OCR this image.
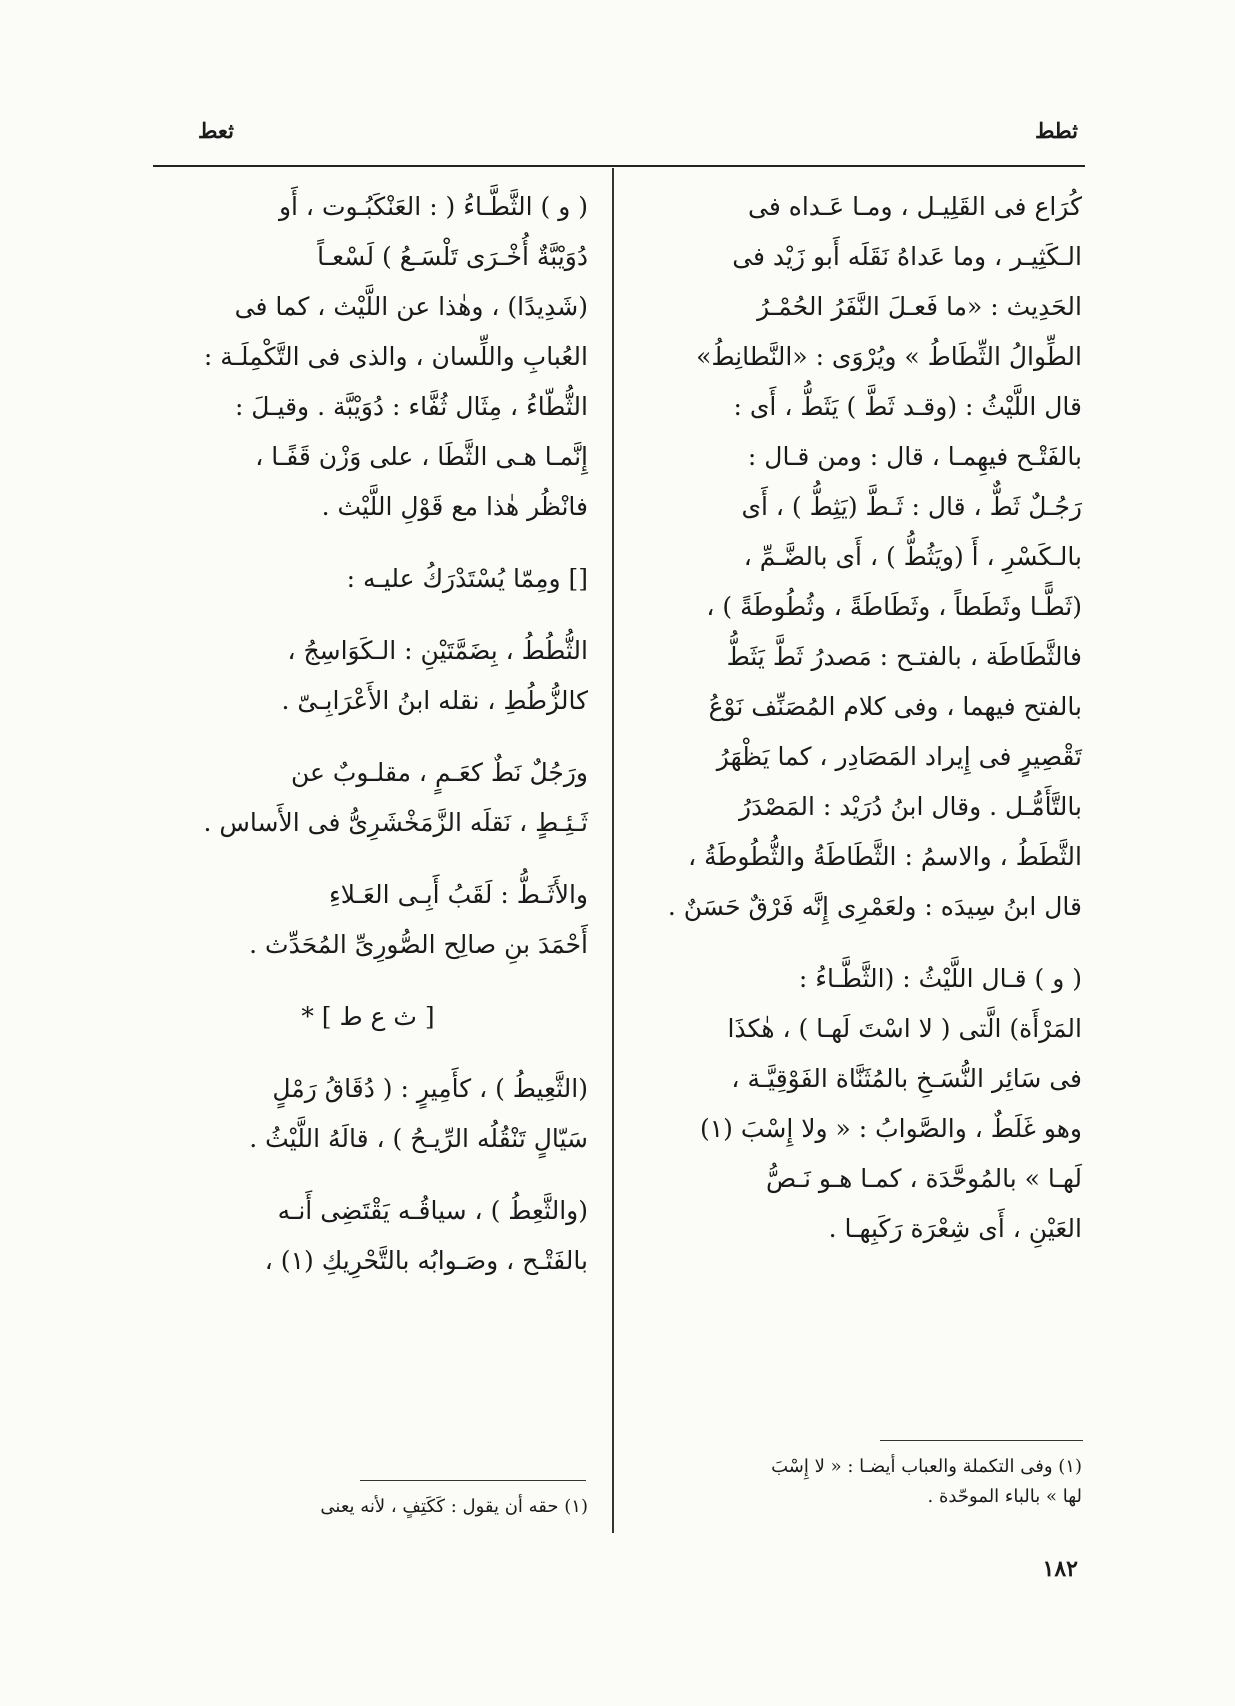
ثطط
ثعط

كُرَاع فى القَلِيـل ، ومـا عَـداه فى

الـكَثِيـر ، وما عَداهُ نَقَلَه أَبو زَيْد فى

الحَدِيث : «ما فَعـلَ النَّفَرُ الحُمْـرُ

الطِّوالُ الثِّطَاطُ » ويُرْوَى : «النَّطانِطُ»

قال اللَّيْثُ : (وقـد ثَطَّ ) يَثَطُّ ، أَى :

بالفَتْـح فيهِمـا ، قال : ومن قـال :

رَجُـلٌ ثَطٌّ ، قال : ثَـطَّ (يَثِطُّ ) ، أَى

بالـكَسْرِ ، أَ (ويَثُطُّ ) ، أَى بالضَّـمِّ ،

(ثَطًّـا وثَطَطاً ، وثَطَاطَةً ، وثُطُوطَةً ) ،

فالثَّطَاطَة ، بالفتـح : مَصدرُ ثَطَّ يَثَطُّ

بالفتح فيهما ، وفى كلام المُصَنِّف نَوْعُ

تَقْصِيرٍ فى إِيراد المَصَادِر ، كما يَظْهَرُ

بالتَّأَمُّـل . وقال ابنُ دُرَيْد : المَصْدَرُ

الثَّطَطُ ، والاسمُ : الثَّطَاطَةُ والثُّطُوطَةُ ،

قال ابنُ سِيدَه : ولعَمْرِى إِنَّه فَرْقٌ حَسَنٌ .

( و ) قـال اللَّيْثُ : (الثَّطَّـاءُ :

المَرْأَة) الَّتى ( لا اسْتَ لَهـا ) ، هٰكذَا

فى سَائِر النُّسَـخِ بالمُثَنَّاة الفَوْقِيَّـة ،

وهو غَلَطٌ ، والصَّوابُ : « ولا إِسْبَ (١)

لَهـا » بالمُوحَّدَة ، كمـا هـو نَـصُّ

العَيْنِ ، أَى شِعْرَة رَكَبِهـا .

( و ) الثَّطَّـاءُ ( : العَنْكَبُـوت ، أَو

دُوَيْبَّةٌ أُخْـرَى تَلْسَـعُ ) لَسْعـاً

(شَدِيدًا) ، وهٰذا عن اللَّيْث ، كما فى

العُبابِ واللِّسان ، والذى فى التَّكْمِلَـة :

الثُّطّاءُ ، مِثَال ثُفَّاء : دُوَيْبَّة . وقيـلَ :

إِنَّمـا هـى الثَّطَا ، على وَزْن قَفًـا ،

فانْظُر هٰذا مع قَوْلِ اللَّيْث .

[] ومِمّا يُسْتَدْرَكُ عليـه :

الثُّطُطُ ، بِضَمَّتَيْنِ : الـكَوَاسِجُ ،

كالزُّطُطِ ، نقله ابنُ الأَعْرَابِـىّ .

ورَجُلٌ نَطٌ كعَـمٍ ، مقلـوبٌ عن

ثَـئِـطٍ ، نَقلَه الزَّمَخْشَرِىُّ فى الأَساس .

والأَثَـطُّ : لَقَبُ أَبِـى العَـلاءِ

أَحْمَدَ بنِ صالِح الصُّورِىِّ المُحَدِّث .

[ ث ع ط ] *

(الثَّعِيطُ ) ، كأَمِيرٍ : ( دُقَاقُ رَمْلٍ

سَيّالٍ تَنْقُلُه الرِّيـحُ ) ، قالَهُ اللَّيْثُ .

(والثَّعِطُ ) ، سياقُـه يَقْتَضِى أَنـه

بالفَتْـح ، وصَـوابُه بالتَّحْرِيكِ (١) ،

(١) وفى التكملة والعباب أيضـا : « لا إِسْبَ
لها » بالباء الموحّدة .
(١) حقه أن يقول : كَكَتِفٍ ، لأنه يعنى
١٨٢
